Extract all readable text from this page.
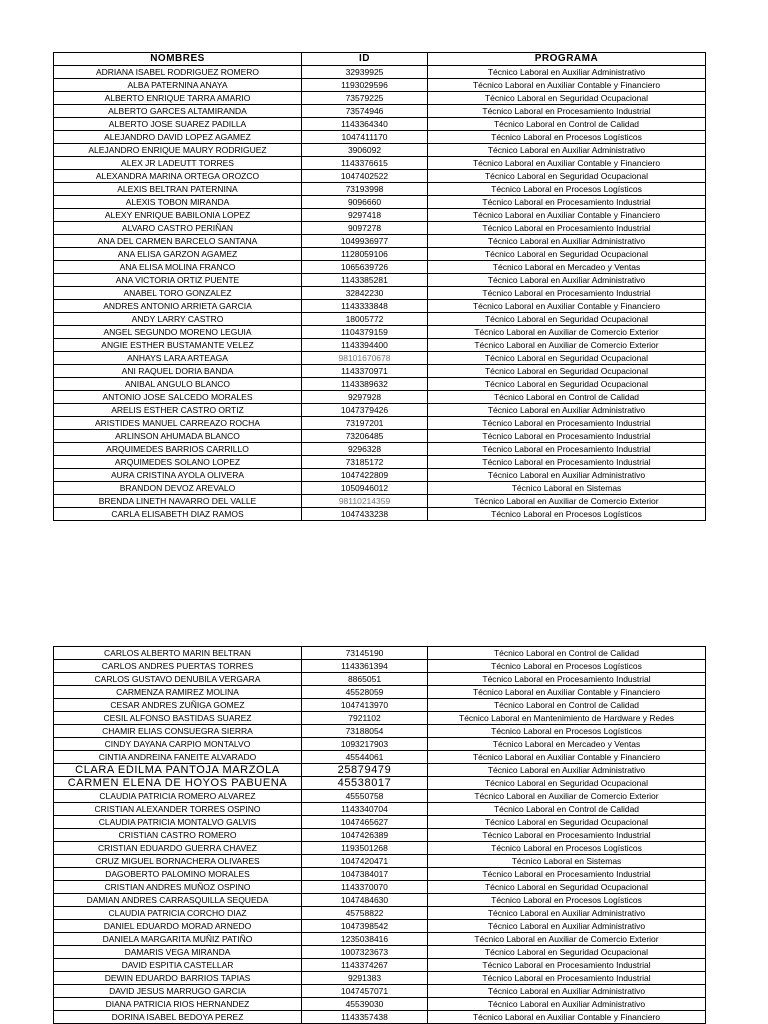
NOMBRES	ID	PROGRAMA
ADRIANA ISABEL RODRIGUEZ ROMERO	32939925	Técnico Laboral en Auxiliar Administrativo
ALBA PATERNINA ANAYA	1193029596	Técnico Laboral en Auxiliar Contable y Financiero
ALBERTO ENRIQUE TARRA AMARIO	73579225	Técnico Laboral en Seguridad Ocupacional
ALBERTO GARCES ALTAMIRANDA	73574946	Técnico Laboral en Procesamiento Industrial
ALBERTO JOSE SUAREZ PADILLA	1143364340	Técnico Laboral en Control de Calidad
ALEJANDRO DAVID LOPEZ AGAMEZ	1047411170	Técnico Laboral en Procesos Logísticos
ALEJANDRO ENRIQUE MAURY RODRIGUEZ	3906092	Técnico Laboral en Auxiliar Administrativo
ALEX JR LADEUTT TORRES	1143376615	Técnico Laboral en Auxiliar Contable y Financiero
ALEXANDRA MARINA ORTEGA OROZCO	1047402522	Técnico Laboral en Seguridad Ocupacional
ALEXIS BELTRAN PATERNINA	73193998	Técnico Laboral en Procesos Logísticos
ALEXIS TOBON MIRANDA	9096660	Técnico Laboral en Procesamiento Industrial
ALEXY ENRIQUE BABILONIA LOPEZ	9297418	Técnico Laboral en Auxiliar Contable y Financiero
ALVARO CASTRO PERIÑAN	9097278	Técnico Laboral en Procesamiento Industrial
ANA DEL CARMEN BARCELO SANTANA	1049936977	Técnico Laboral en Auxiliar Administrativo
ANA ELISA GARZON AGAMEZ	1128059106	Técnico Laboral en Seguridad Ocupacional
ANA ELISA MOLINA FRANCO	1065639726	Técnico Laboral en Mercadeo y Ventas
ANA VICTORIA ORTIZ PUENTE	1143385281	Técnico Laboral en Auxiliar Administrativo
ANABEL TORO GONZALEZ	32842230	Técnico Laboral en Procesamiento Industrial
ANDRES ANTONIO ARRIETA GARCIA	1143333848	Técnico Laboral en Auxiliar Contable y Financiero
ANDY LARRY CASTRO	18005772	Técnico Laboral en Seguridad Ocupacional
ANGEL SEGUNDO MORENO LEGUIA	1104379159	Técnico Laboral en Auxiliar de Comercio Exterior
ANGIE ESTHER BUSTAMANTE VELEZ	1143394400	Técnico Laboral en Auxiliar de Comercio Exterior
ANHAYS LARA ARTEAGA	98101670678	Técnico Laboral en Seguridad Ocupacional
ANI RAQUEL DORIA BANDA	1143370971	Técnico Laboral en Seguridad Ocupacional
ANIBAL ANGULO BLANCO	1143389632	Técnico Laboral en Seguridad Ocupacional
ANTONIO JOSE SALCEDO MORALES	9297928	Técnico Laboral en Control de Calidad
ARELIS ESTHER CASTRO ORTIZ	1047379426	Técnico Laboral en Auxiliar Administrativo
ARISTIDES MANUEL CARREAZO ROCHA	73197201	Técnico Laboral en Procesamiento Industrial
ARLINSON AHUMADA BLANCO	73206485	Técnico Laboral en Procesamiento Industrial
ARQUIMEDES BARRIOS CARRILLO	9296328	Técnico Laboral en Procesamiento Industrial
ARQUIMEDES SOLANO LOPEZ	73185172	Técnico Laboral en Procesamiento Industrial
AURA CRISTINA AYOLA OLIVERA	1047422809	Técnico Laboral en Auxiliar Administrativo
BRANDON DEVOZ AREVALO	1050946012	Técnico Laboral en Sistemas
BRENDA LINETH NAVARRO DEL VALLE	98110214359	Técnico Laboral en Auxiliar de Comercio Exterior
CARLA ELISABETH DIAZ RAMOS	1047433238	Técnico Laboral en Procesos Logísticos
CARLOS ALBERTO MARIN BELTRAN	73145190	Técnico Laboral en Control de Calidad
CARLOS ANDRES PUERTAS TORRES	1143361394	Técnico Laboral en Procesos Logísticos
CARLOS GUSTAVO DENUBILA VERGARA	8865051	Técnico Laboral en Procesamiento Industrial
CARMENZA RAMIREZ MOLINA	45528059	Técnico Laboral en Auxiliar Contable y Financiero
CESAR ANDRES ZUÑIGA GOMEZ	1047413970	Técnico Laboral en Control de Calidad
CESIL ALFONSO BASTIDAS SUAREZ	7921102	Técnico Laboral en Mantenimiento de Hardware y Redes
CHAMIR ELIAS CONSUEGRA SIERRA	73188054	Técnico Laboral en Procesos Logísticos
CINDY DAYANA CARPIO MONTALVO	1093217903	Técnico Laboral en Mercadeo y Ventas
CINTIA ANDREINA FANEITE ALVARADO	45544061	Técnico Laboral en Auxiliar Contable y Financiero
CLARA EDILMA PANTOJA MARZOLA	25879479	Técnico Laboral en Auxiliar Administrativo
CARMEN ELENA DE HOYOS PABUENA	45538017	Técnico Laboral en Seguridad Ocupacional
CLAUDIA PATRICIA ROMERO ALVAREZ	45550758	Técnico Laboral en Auxiliar de Comercio Exterior
CRISTIAN ALEXANDER TORRES OSPINO	1143340704	Técnico Laboral en Control de Calidad
CLAUDIA PATRICIA MONTALVO GALVIS	1047465627	Técnico Laboral en Seguridad Ocupacional
CRISTIAN CASTRO ROMERO	1047426389	Técnico Laboral en Procesamiento Industrial
CRISTIAN EDUARDO GUERRA CHAVEZ	1193501268	Técnico Laboral en Procesos Logísticos
CRUZ MIGUEL BORNACHERA OLIVARES	1047420471	Técnico Laboral en Sistemas
DAGOBERTO PALOMINO MORALES	1047384017	Técnico Laboral en Procesamiento Industrial
CRISTIAN ANDRES MUÑOZ OSPINO	1143370070	Técnico Laboral en Seguridad Ocupacional
DAMIAN ANDRES CARRASQUILLA SEQUEDA	1047484630	Técnico Laboral en Procesos Logísticos
CLAUDIA PATRICIA CORCHO DIAZ	45758822	Técnico Laboral en Auxiliar Administrativo
DANIEL EDUARDO MORAD ARNEDO	1047398542	Técnico Laboral en Auxiliar Administrativo
DANIELA MARGARITA MUÑIZ PATIÑO	1235038416	Técnico Laboral en Auxiliar de Comercio Exterior
DAMARIS VEGA MIRANDA	1007323673	Técnico Laboral en Seguridad Ocupacional
DAVID ESPITIA CASTELLAR	1143374267	Técnico Laboral en Procesamiento Industrial
DEWIN EDUARDO BARRIOS TAPIAS	9291383	Técnico Laboral en Procesamiento Industrial
DAVID JESUS MARRUGO GARCIA	1047457071	Técnico Laboral en Auxiliar Administrativo
DIANA PATRICIA RIOS HERNANDEZ	45539030	Técnico Laboral en Auxiliar Administrativo
DORINA ISABEL BEDOYA PEREZ	1143357438	Técnico Laboral en Auxiliar Contable y Financiero
